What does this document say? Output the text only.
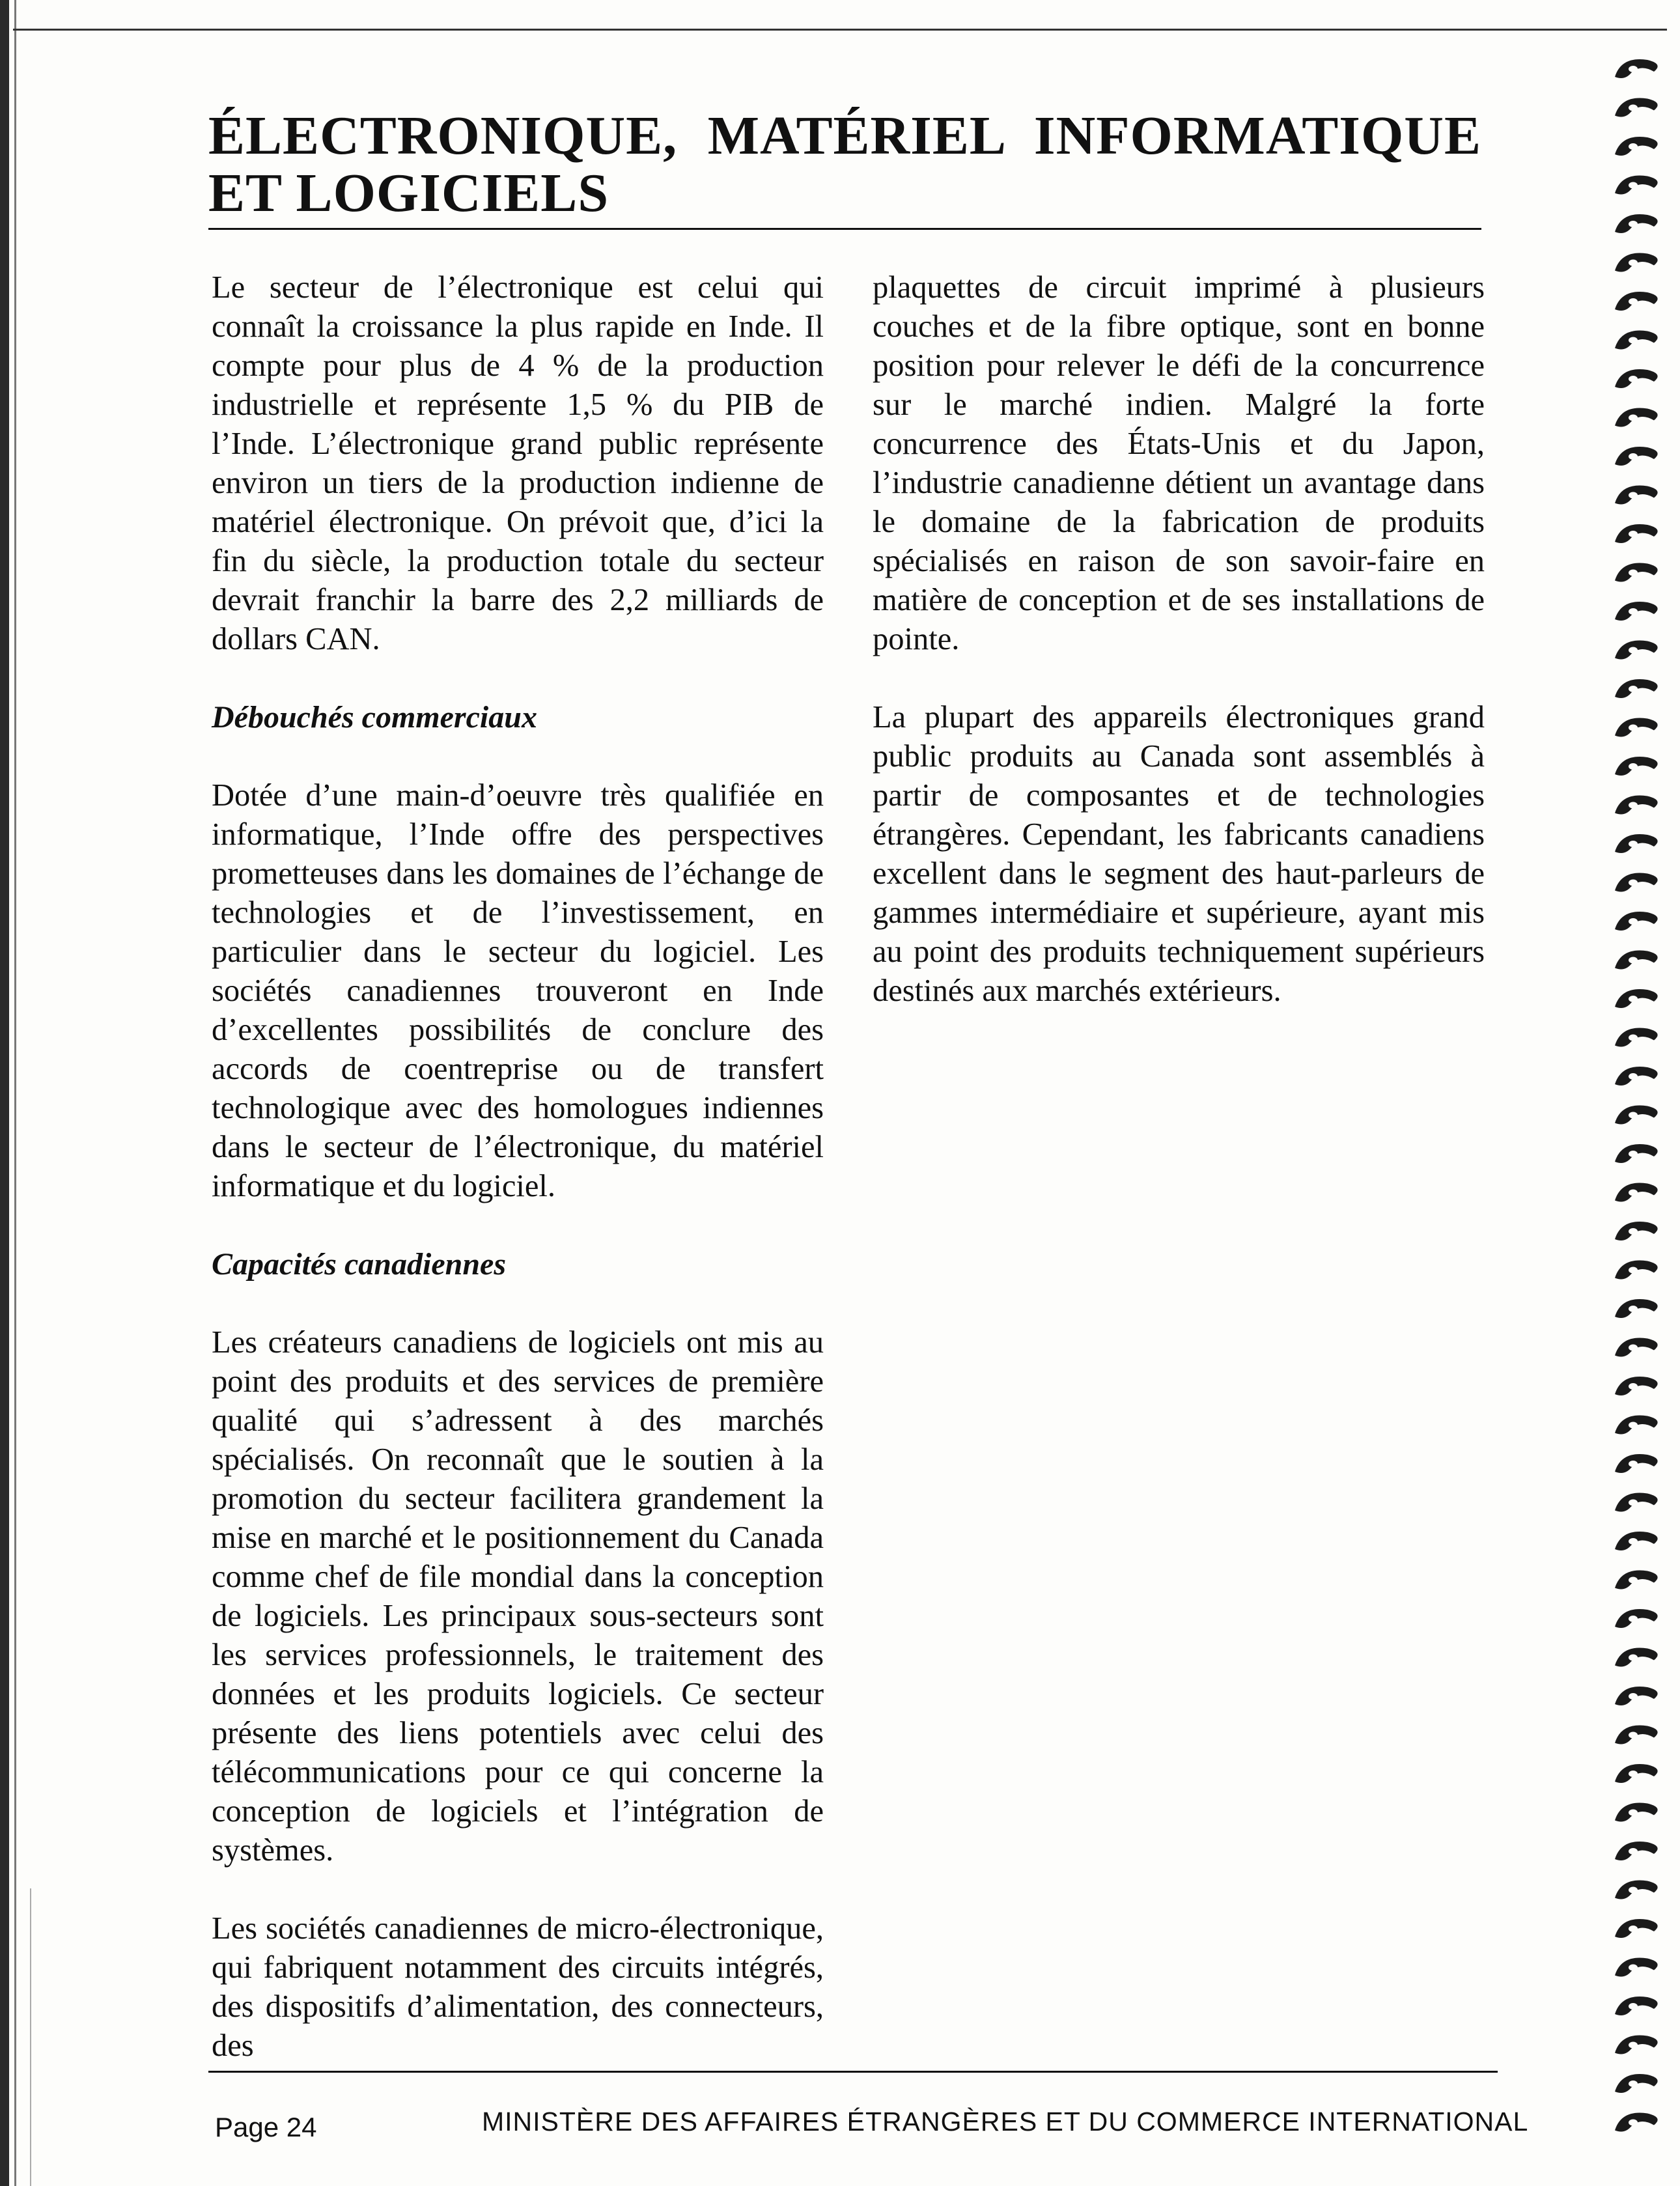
ÉLECTRONIQUE, MATÉRIEL INFORMATIQUE ET LOGICIELS

Le secteur de l’électronique est celui qui connaît la croissance la plus rapide en Inde. Il compte pour plus de 4 % de la production industrielle et représente 1,5 % du PIB de l’Inde. L’électronique grand public représente environ un tiers de la production indienne de matériel électronique. On prévoit que, d’ici la fin du siècle, la production totale du secteur devrait franchir la barre des 2,2 milliards de dollars CAN.

Débouchés commerciaux

Dotée d’une main-d’oeuvre très qualifiée en informatique, l’Inde offre des perspectives prometteuses dans les domaines de l’échange de technologies et de l’investissement, en particulier dans le secteur du logiciel. Les sociétés canadiennes trouveront en Inde d’excellentes possibilités de conclure des accords de coentreprise ou de transfert technologique avec des homologues indiennes dans le secteur de l’électronique, du matériel informatique et du logiciel.

Capacités canadiennes

Les créateurs canadiens de logiciels ont mis au point des produits et des services de première qualité qui s’adressent à des marchés spécialisés. On reconnaît que le soutien à la promotion du secteur facilitera grandement la mise en marché et le positionnement du Canada comme chef de file mondial dans la conception de logiciels. Les principaux sous-secteurs sont les services professionnels, le traitement des données et les produits logiciels. Ce secteur présente des liens potentiels avec celui des télécommunications pour ce qui concerne la conception de logiciels et l’intégration de systèmes.

Les sociétés canadiennes de micro-électronique, qui fabriquent notamment des circuits intégrés, des dispositifs d’alimentation, des connecteurs, des

plaquettes de circuit imprimé à plusieurs couches et de la fibre optique, sont en bonne position pour relever le défi de la concurrence sur le marché indien. Malgré la forte concurrence des États-Unis et du Japon, l’industrie canadienne détient un avantage dans le domaine de la fabrication de produits spécialisés en raison de son savoir-faire en matière de conception et de ses installations de pointe.

La plupart des appareils électroniques grand public produits au Canada sont assemblés à partir de composantes et de technologies étrangères. Cependant, les fabricants canadiens excellent dans le segment des haut-parleurs de gammes intermédiaire et supérieure, ayant mis au point des produits techniquement supérieurs destinés aux marchés extérieurs.

Page 24	MINISTÈRE DES AFFAIRES ÉTRANGÈRES ET DU COMMERCE INTERNATIONAL
